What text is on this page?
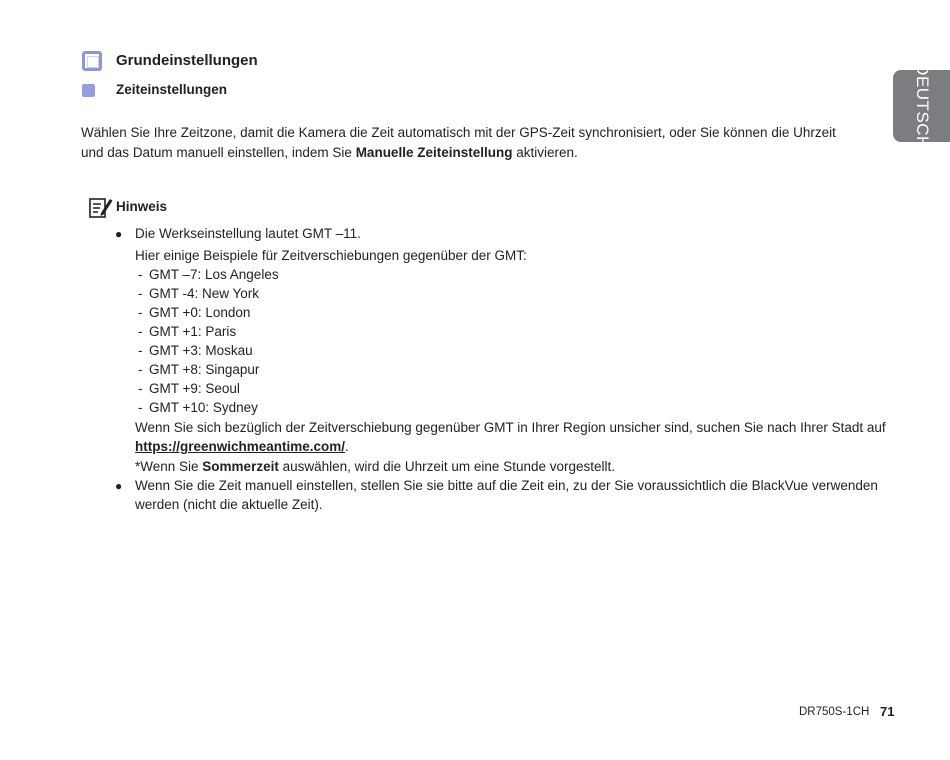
DEUTSCH
Grundeinstellungen
Zeiteinstellungen

Wählen Sie Ihre Zeitzone, damit die Kamera die Zeit automatisch mit der GPS-Zeit synchronisiert, oder Sie können die Uhrzeit und das Datum manuell einstellen, indem Sie Manuelle Zeiteinstellung aktivieren.

Hinweis
● Die Werkseinstellung lautet GMT –11.
Hier einige Beispiele für Zeitverschiebungen gegenüber der GMT:
- GMT –7: Los Angeles
- GMT -4: New York
- GMT +0: London
- GMT +1: Paris
- GMT +3: Moskau
- GMT +8: Singapur
- GMT +9: Seoul
- GMT +10: Sydney
Wenn Sie sich bezüglich der Zeitverschiebung gegenüber GMT in Ihrer Region unsicher sind, suchen Sie nach Ihrer Stadt auf
https://greenwichmeantime.com/.
*Wenn Sie Sommerzeit auswählen, wird die Uhrzeit um eine Stunde vorgestellt.
● Wenn Sie die Zeit manuell einstellen, stellen Sie sie bitte auf die Zeit ein, zu der Sie voraussichtlich die BlackVue verwenden
werden (nicht die aktuelle Zeit).
DR750S-1CH 71
